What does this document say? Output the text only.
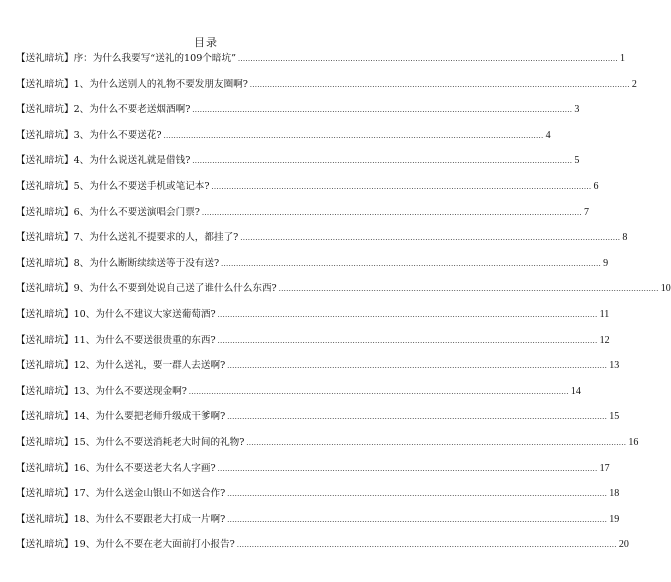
目录
【送礼暗坑】 序：为什么我要写“送礼的109个暗坑” .....	1
【送礼暗坑】 1、为什么送别人的礼物不要发朋友圈啊? .....	2
【送礼暗坑】 2、为什么不要老送烟酒啊? .....	3
【送礼暗坑】 3、为什么不要送花? .....	4
【送礼暗坑】 4、为什么说送礼就是借钱? .....	5
【送礼暗坑】 5、为什么不要送手机或笔记本? .....	6
【送礼暗坑】 6、为什么不要送演唱会门票? .....	7
【送礼暗坑】 7、为什么送礼不提要求的人，都挂了? .....	8
【送礼暗坑】 8、为什么断断续续送等于没有送? .....	9
【送礼暗坑】 9、为什么不要到处说自己送了谁什么什么东西? .....	10
【送礼暗坑】 10、为什么不建议大家送葡萄酒? .....	11
【送礼暗坑】 11、为什么不要送很贵重的东西? .....	12
【送礼暗坑】 12、为什么送礼，要一群人去送啊? .....	13
【送礼暗坑】 13、为什么不要送现金啊? .....	14
【送礼暗坑】 14、为什么要把老师升级成干爹啊? .....	15
【送礼暗坑】 15、为什么不要送消耗老大时间的礼物? .....	16
【送礼暗坑】 16、为什么不要送老大名人字画? .....	17
【送礼暗坑】 17、为什么送金山银山不如送合作? .....	18
【送礼暗坑】 18、为什么不要跟老大打成一片啊? .....	19
【送礼暗坑】 19、为什么不要在老大面前打小报告? .....	20
